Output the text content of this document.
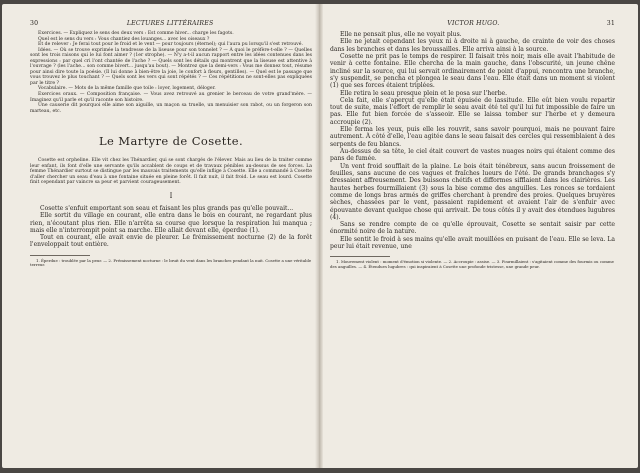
30	LECTURES LITTÉRAIRES

Exercices. — Expliquez le sens des deux vers : Est comme hiver... charge les fagots.

Quel est le sens du vers : Vous chantiez des louanges... avec les oiseaux ?

Et de relever : Je ferai tout pour le froid et le vent — pour toujours (éternel); qui l'aura pu lorsqu'il s'est retrouvé.

Idées. — Où se trouve exprimée la tendresse de la liseuse pour son tonnelet ? — À quoi le préfère-t-elle ? — Quelles sont les trois raisons qui le lui font aimer ? (1er strophe). — N'y a-t-il aucun rapport entre les idées contenues dans les expressions : par quel cri l'ont chantée de l'ache ? — Quels sont les détails qui montrent que la liseuse est attentive à l'ouvrage ? (les l'ache... son comme bivert... jusqu'au bout). — Montrez que la demi-vers : Vous me donnez tout, résume pour ainsi dire toute la poésie. (Il lui donne à bien-être la joie, le confort à fleurs, gentilles). — Quel est le passage que vous trouvez le plus touchant ? — Quels sont les vers qui sont répétés ? — Ces répétitions ne sont-elles pas expliquées par le titre ?

Vocabulaire. — Mots de la même famille que toile : loyer, logement, déloger.

Exercices oraux. — Composition française. — Vous avez retrouvé au grenier le berceau de votre grand'mère. — Imaginez qu'il parle et qu'il raconte son histoire.

Une causerie dit pourquoi elle aime son aiguille, un maçon sa truelle, un menuisier son rabot, ou un forgeron son marteau, etc.

Le Martyre de Cosette.

Cosette est orpheline. Elle vit chez les Thénardier, qui se sont chargés de l'élever. Mais au lieu de la traiter comme leur enfant, ils font d'elle une servante qu'ils accablent de coups et de travaux pénibles au-dessus de ses forces. La femme Thénardier surtout se distingue par les mauvais traitements qu'elle inflige à Cosette. Elle a commandé à Cosette d'aller chercher un seau d'eau à une fontaine située en pleine forêt. Il fait nuit, il fait froid. Le seau est lourd. Cosette finit cependant par vaincre sa peur et parvient courageusement.

I

Cosette s'enfuit emportant son seau et faisant les plus grands pas qu'elle pouvait...

Elle sortit du village en courant, elle entra dans le bois en courant, ne regardant plus rien, n'écoutant plus rien. Elle n'arrêta sa course que lorsque la respiration lui manqua ; mais elle n'interrompit point sa marche. Elle allait devant elle, éperdue (1).

Tout en courant, elle avait envie de pleurer. Le frémissement nocturne (2) de la forêt l'enveloppait tout entière.

1. Éperdue : troublée par la peur. — 2. Frémissement nocturne : le bruit du vent dans les branches pendant la nuit. Cosette a une véritable terreur.

VICTOR HUGO.	31

Elle ne pensait plus, elle ne voyait plus.

Elle ne jetait cependant les yeux ni à droite ni à gauche, de crainte de voir des choses dans les branches et dans les broussailles. Elle arriva ainsi à la source.

Cosette ne prit pas le temps de respirer. Il faisait très noir, mais elle avait l'habitude de venir à cette fontaine. Elle chercha de la main gauche, dans l'obscurité, un jeune chêne incliné sur la source, qui lui servait ordinairement de point d'appui, rencontra une branche, s'y suspendit, se pencha et plongea le seau dans l'eau. Elle était dans un moment si violent (1) que ses forces étaient triplées.

Elle retira le seau presque plein et le posa sur l'herbe.

Cela fait, elle s'aperçut qu'elle était épuisée de lassitude. Elle eût bien voulu repartir tout de suite, mais l'effort de remplir le seau avait été tel qu'il lui fut impossible de faire un pas. Elle fut bien forcée de s'asseoir. Elle se laissa tomber sur l'herbe et y demeura accroupie (2).

Elle ferma les yeux, puis elle les rouvrit, sans savoir pourquoi, mais ne pouvant faire autrement. À côté d'elle, l'eau agitée dans le seau faisait des cercles qui ressemblaient à des serpents de feu blancs.

Au-dessus de sa tête, le ciel était couvert de vastes nuages noirs qui étaient comme des pans de fumée.

Un vent froid soufflait de la plaine. Le bois était ténébreux, sans aucun froissement de feuilles, sans aucune de ces vagues et fraîches lueurs de l'été. De grands branchages s'y dressaient affreusement. Des buissons chétifs et difformes sifflaient dans les clairières. Les hautes herbes fourmillaient (3) sous la bise comme des anguilles. Les ronces se tordaient comme de longs bras armés de griffes cherchant à prendre des proies. Quelques bruyères sèches, chassées par le vent, passaient rapidement et avaient l'air de s'enfuir avec épouvante devant quelque chose qui arrivait. De tous côtés il y avait des étendues lugubres (4).

Sans se rendre compte de ce qu'elle éprouvait, Cosette se sentait saisir par cette énormité noire de la nature.

Elle sentit le froid à ses mains qu'elle avait mouillées en puisant de l'eau. Elle se leva. La peur lui était revenue, une

1. Mouvement violent : moment d'émotion si violente. — 2. Accroupie : assise. — 3. Fourmillaient : s'agitaient comme des fourmis ou comme des anguilles. — 4. Étendues lugubres : qui inspiraient à Cosette une profonde tristesse, une grande peur.
